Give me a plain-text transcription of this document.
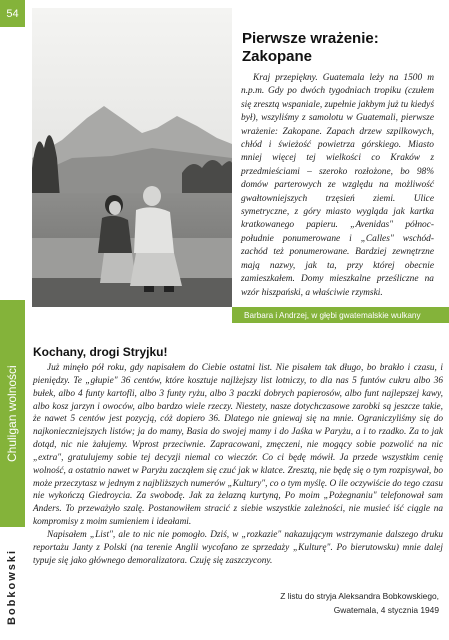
54
Chuligan wolności
Bobkowski
Pierwsze wrażenie:
Zakopane

Kraj przepiękny. Guatemala leży na 1500 m n.p.m. Gdy po dwóch tygodniach tropiku (czułem się zresztą wspaniale, zupełnie jakbym już tu kiedyś był), wszyliśmy z samolotu w Guatemali, pierwsze wrażenie: Zakopane. Zapach drzew szpilkowych, chłód i świeżość powietrza górskiego. Miasto mniej więcej tej wielkości co Kraków z przedmieściami – szeroko rozłożone, bo 98% domów parterowych ze względu na możliwość gwałtowniejszych trzęsień ziemi. Ulice symetryczne, z góry miasto wygląda jak kartka kratkowanego papieru. „Avenidas" północ-południe ponumerowane i „Calles" wschód-zachód też ponumerowane. Bardziej zewnętrzne mają nazwy, jak ta, przy której obecnie zamieszkałem. Domy mieszkalne prześliczne na wzór hiszpański, a właściwie rzymski.

Barbara i Andrzej, w głębi gwatemalskie wulkany
Kochany, drogi Stryjku!

Już minęło pół roku, gdy napisałem do Ciebie ostatni list. Nie pisałem tak długo, bo brakło i czasu, i pieniędzy. Te „głupie" 36 centów, które kosztuje najlżejszy list lotniczy, to dla nas 5 funtów cukru albo 36 bułek, albo 4 funty kartofli, albo 3 funty ryżu, albo 3 paczki dobrych papierosów, albo funt najlepszej kawy, albo kosz jarzyn i owoców, albo bardzo wiele rzeczy. Niestety, nasze dotychczasowe zarobki są jeszcze takie, że nawet 5 centów jest pozycją, cóż dopiero 36. Dlatego nie gniewaj się na mnie. Ograniczyliśmy się do najkonieczniejszych listów; ja do mamy, Basia do swojej mamy i do Jaśka w Paryżu, a i to rzadko. Za to jak dotąd, nic nie żałujemy. Wprost przeciwnie. Zapracowani, zmęczeni, nie mogący sobie pozwolić na nic „extra", gratulujemy sobie tej decyzji niemal co wieczór. Co ci będę mówił. Ja przede wszystkim cenię wolność, a ostatnio nawet w Paryżu zacząłem się czuć jak w klatce. Zresztą, nie będę się o tym rozpisywał, bo może przeczytasz w jednym z najbliższych numerów „Kultury", co o tym myślę. O ile oczywiście do tego czasu nie wykończą Giedroycia. Za swobodę. Jak za żelazną kurtyną, Po moim „Pożegnaniu" telefonował sam Anders. To przeważyło szalę. Postanowiłem stracić z siebie wszystkie zależności, nie musieć iść ciągle na kompromisy z moim sumieniem i ideałami.

Napisałem „List", ale to nic nie pomogło. Dziś, w „rozkazie" nakazującym wstrzymanie dalszego druku reportażu Janty z Polski (na terenie Anglii wycofano ze sprzedaży „Kulturę". Po bierutowsku) mnie dalej typuje się jako głównego demoralizatora. Czuję się zaszczycony.

Z listu do stryja Aleksandra Bobkowskiego,
Gwatemala, 4 stycznia 1949
